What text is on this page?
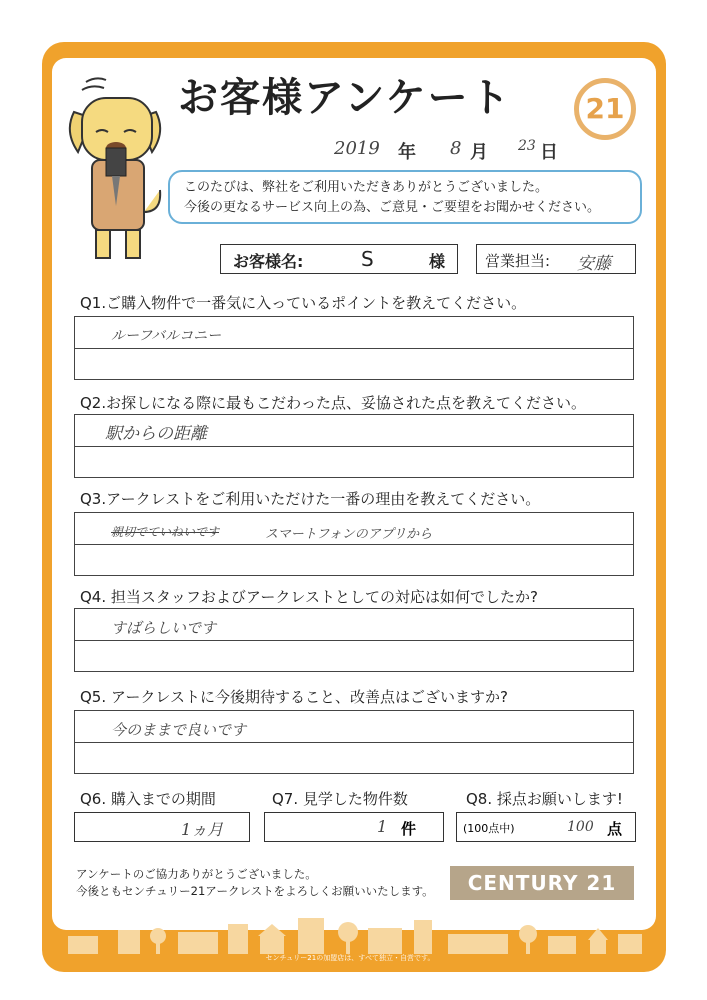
お客様アンケート	21
2019 年 8 月 23 日
このたびは、弊社をご利用いただきありがとうございました。
今後の更なるサービス向上の為、ご意見・ご要望をお聞かせください。
お客様名:	S	様	営業担当: 安藤
Q1.ご購入物件で一番気に入っているポイントを教えてください。
ルーフバルコニー
Q2.お探しになる際に最もこだわった点、妥協された点を教えてください。
駅からの距離
Q3.アークレストをご利用いただけた一番の理由を教えてください。
親切でていねいです	スマートフォンのアプリから
Q4. 担当スタッフおよびアークレストとしての対応は如何でしたか?
すばらしいです
Q5. アークレストに今後期待すること、改善点はございますか?
今のままで良いです
Q6. 購入までの期間	Q7. 見学した物件数	Q8. 採点お願いします!
1ヵ月	1 件	(100点中)	100 点
アンケートのご協力ありがとうございました。
今後ともセンチュリー21アークレストをよろしくお願いいたします。	CENTURY 21
センチュリー21の加盟店は、すべて独立・自営です。
